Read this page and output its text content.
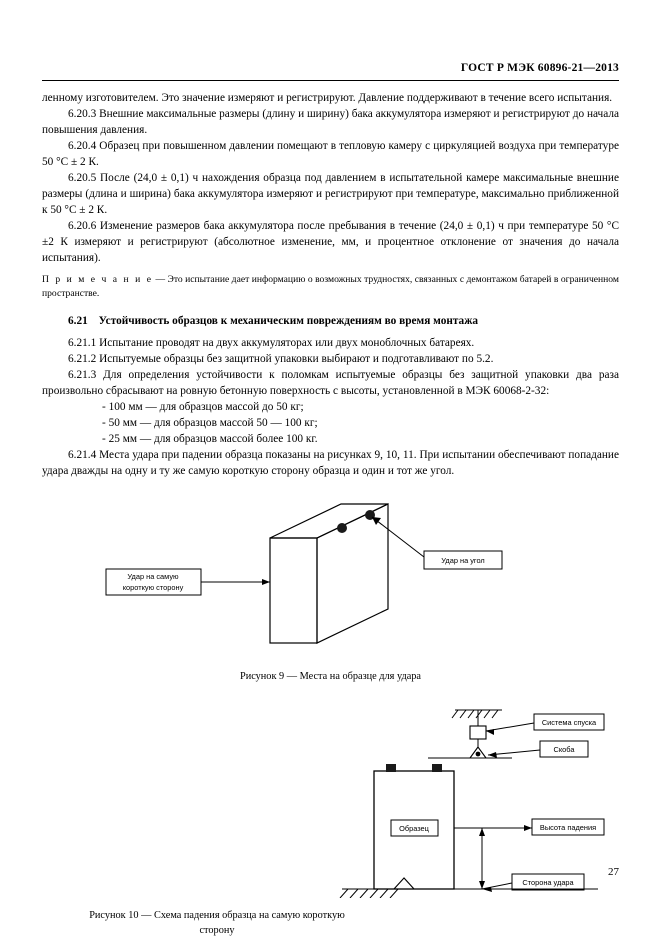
ГОСТ Р МЭК 60896-21—2013

ленному изготовителем. Это значение измеряют и регистрируют. Давление поддерживают в течение всего испытания.

6.20.3 Внешние максимальные размеры (длину и ширину) бака аккумулятора измеряют и регистрируют до начала повышения давления.

6.20.4 Образец при повышенном давлении помещают в тепловую камеру с циркуляцией воздуха при температуре 50 °С ± 2 К.

6.20.5 После (24,0 ± 0,1) ч нахождения образца под давлением в испытательной камере максимальные внешние размеры (длина и ширина) бака аккумулятора измеряют и регистрируют при температуре, максимально приближенной к 50 °С ± 2 К.

6.20.6 Изменение размеров бака аккумулятора после пребывания в течение (24,0 ± 0,1) ч при температуре 50 °С ±2 К измеряют и регистрируют (абсолютное изменение, мм, и процентное отклонение от значения до начала испытания).

П р и м е ч а н и е — Это испытание дает информацию о возможных трудностях, связанных с демонтажом батарей в ограниченном пространстве.
6.21 Устойчивость образцов к механическим повреждениям во время монтажа

6.21.1 Испытание проводят на двух аккумуляторах или двух моноблочных батареях.

6.21.2 Испытуемые образцы без защитной упаковки выбирают и подготавливают по 5.2.

6.21.3 Для определения устойчивости к поломкам испытуемые образцы без защитной упаковки два раза произвольно сбрасывают на ровную бетонную поверхность с высоты, установленной в МЭК 60068-2-32:

- 100 мм — для образцов массой до 50 кг;
- 50 мм — для образцов массой 50 — 100 кг;
- 25 мм — для образцов массой более 100 кг.

6.21.4 Места удара при падении образца показаны на рисунках 9, 10, 11. При испытании обеспечивают попадание удара дважды на одну и ту же самую короткую сторону образца и один и тот же угол.

Удар на самую
короткую сторону
Удар на угол
Рисунок 9 — Места на образце для удара
Система спуска
Скоба
Образец	Высота падения
Сторона удара
Рисунок 10 — Схема падения образца на самую короткую
сторону
27
